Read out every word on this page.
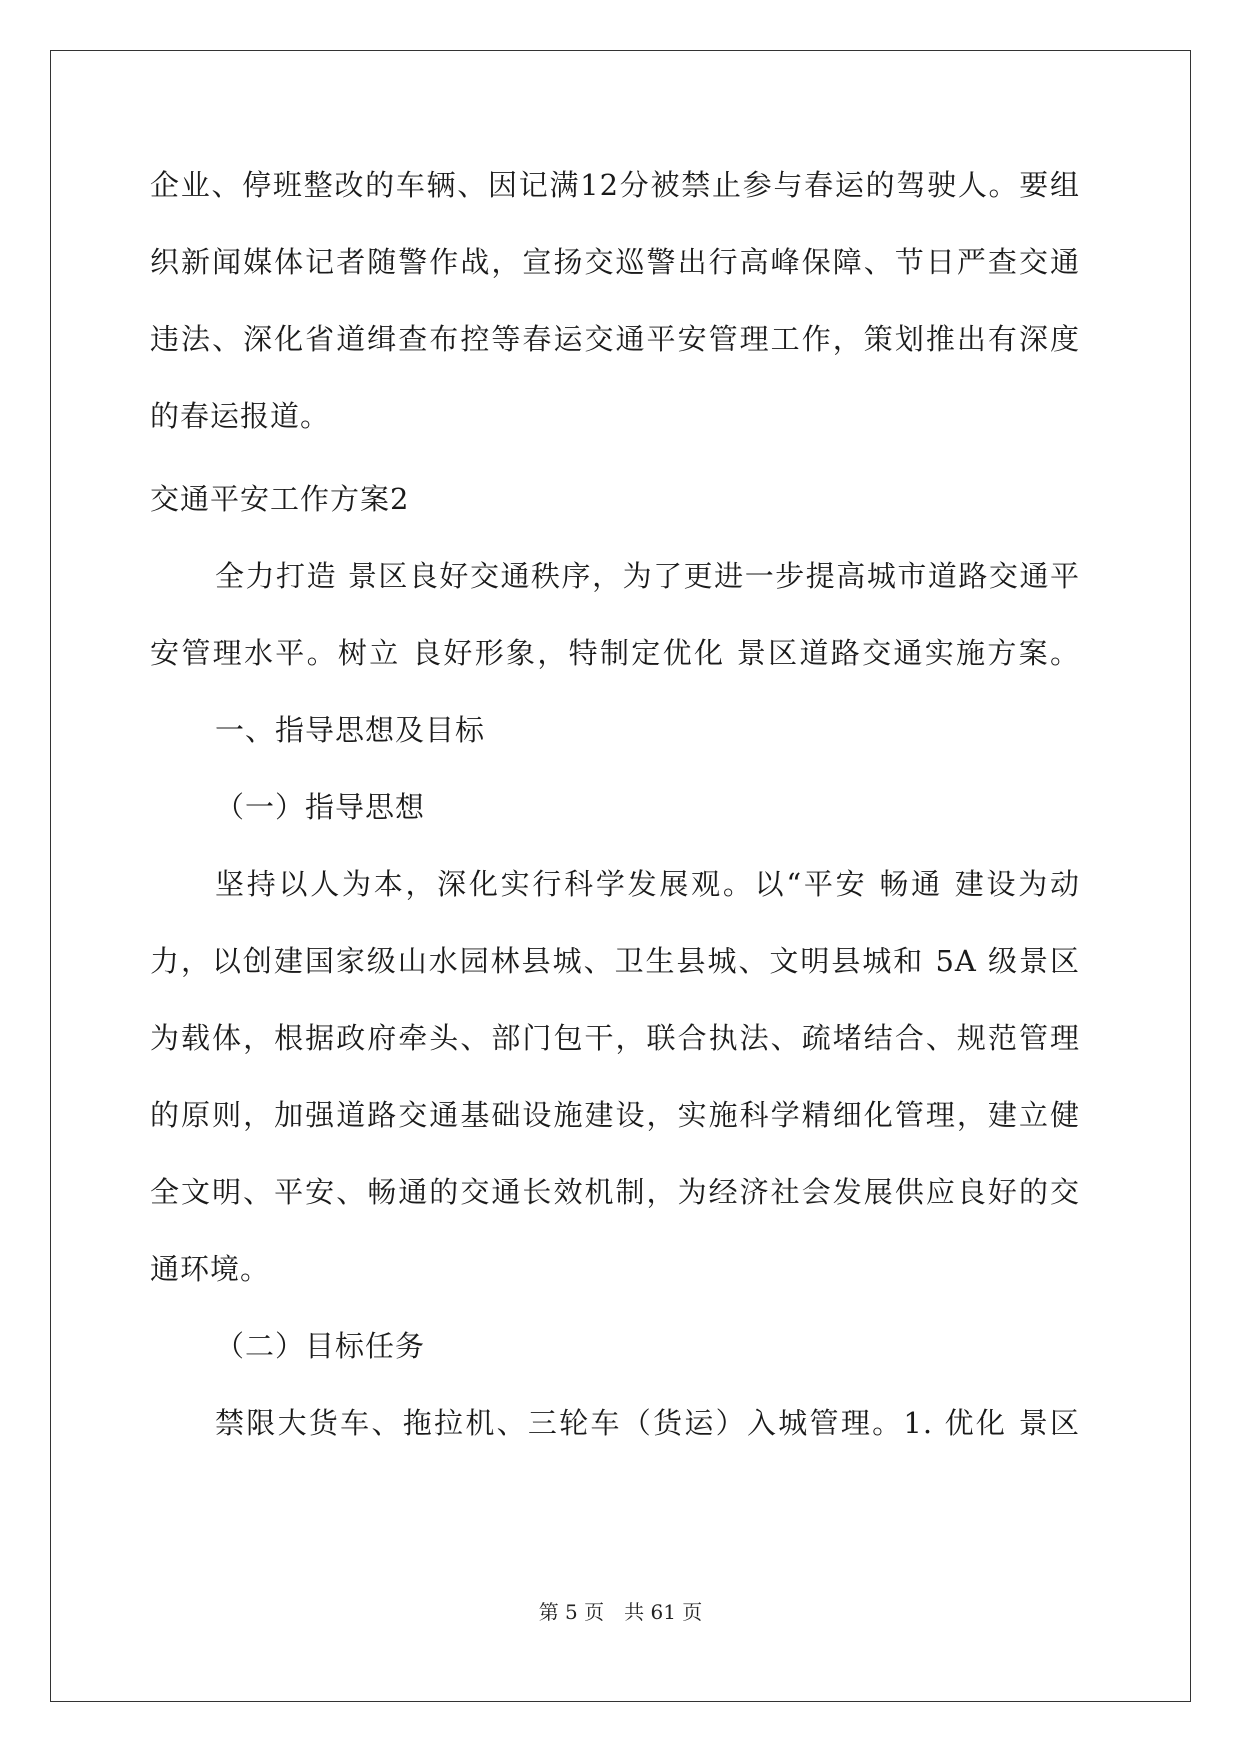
企业、停班整改的车辆、因记满12分被禁止参与春运的驾驶人。要组
织新闻媒体记者随警作战，宣扬交巡警出行高峰保障、节日严查交通
违法、深化省道缉查布控等春运交通平安管理工作，策划推出有深度
的春运报道。
交通平安工作方案2
全力打造 景区良好交通秩序，为了更进一步提高城市道路交通平
安管理水平。树立 良好形象，特制定优化 景区道路交通实施方案。
一、指导思想及目标
（一）指导思想
坚持以人为本，深化实行科学发展观。以“平安 畅通 建设为动
力，以创建国家级山水园林县城、卫生县城、文明县城和 5A 级景区
为载体，根据政府牵头、部门包干，联合执法、疏堵结合、规范管理
的原则，加强道路交通基础设施建设，实施科学精细化管理，建立健
全文明、平安、畅通的交通长效机制，为经济社会发展供应良好的交
通环境。
（二）目标任务
禁限大货车、拖拉机、三轮车（货运）入城管理。1. 优化 景区
第 5 页　共 61 页
